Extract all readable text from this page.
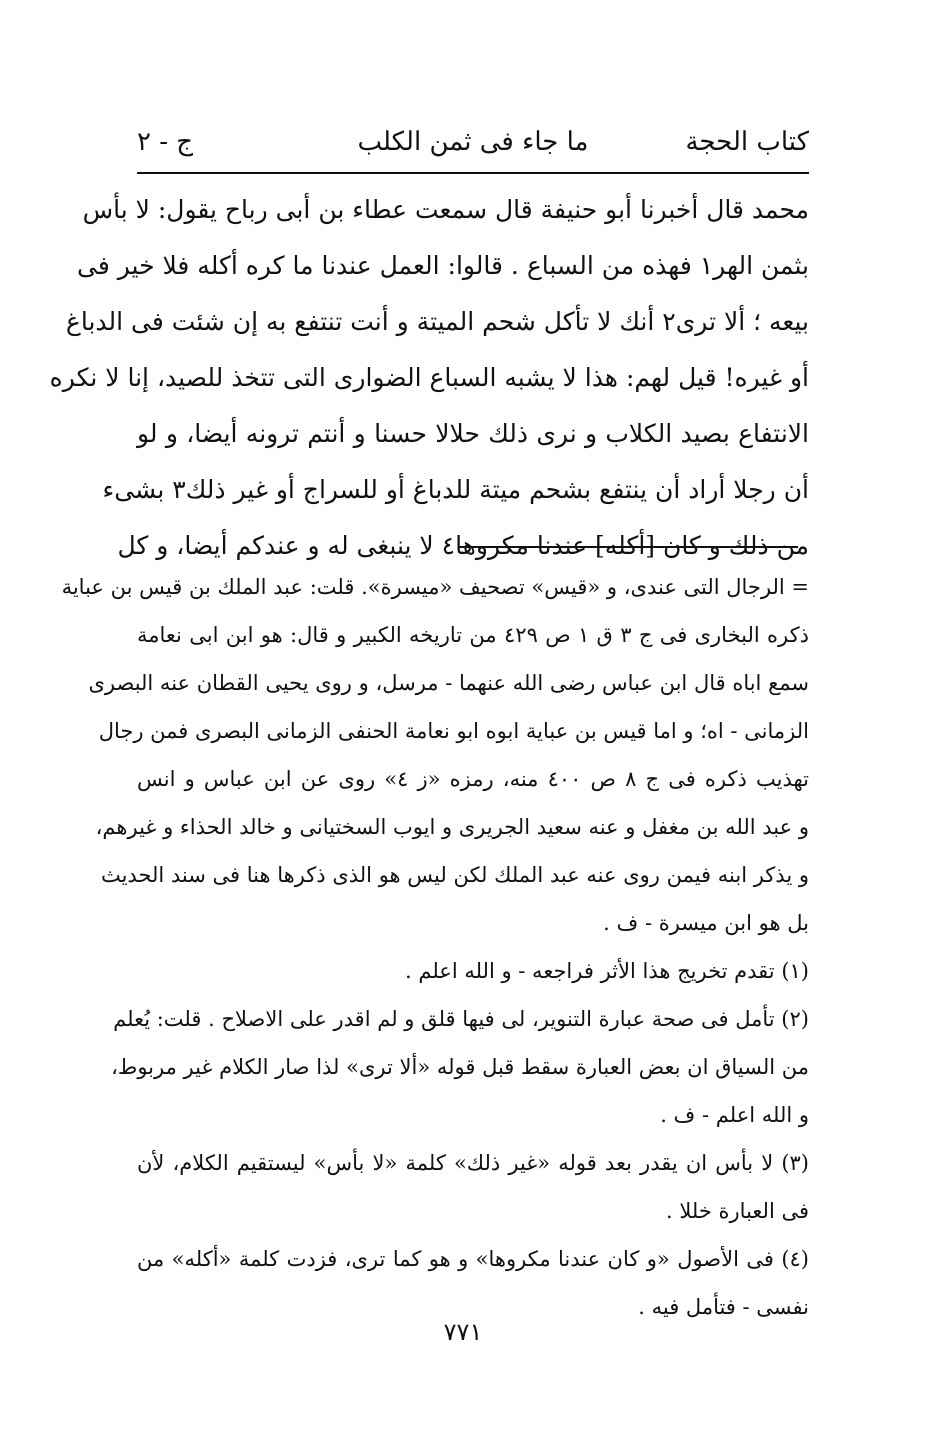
كتاب الحجة
ما جاء فى ثمن الكلب
ج - ٢
محمد قال أخبرنا أبو حنيفة قال سمعت عطاء بن أبى رباح يقول: لا بأس
بثمن الهر١ فهذه من السباع . قالوا: العمل عندنا ما كره أكله فلا خير فى
بيعه ؛ ألا ترى٢ أنك لا تأكل شحم الميتة و أنت تنتفع به إن شئت فى الدباغ
أو غيره! قيل لهم: هذا لا يشبه السباع الضوارى التى تتخذ للصيد، إنا لا نكره
الانتفاع بصيد الكلاب و نرى ذلك حلالا حسنا و أنتم ترونه أيضا، و لو
أن رجلا أراد أن ينتفع بشحم ميتة للدباغ أو للسراج أو غير ذلك٣ بشىء
من ذلك و كان [أكله] عندنا مكروها٤ لا ينبغى له و عندكم أيضا، و كل
= الرجال التى عندى، و «قيس» تصحيف «ميسرة». قلت: عبد الملك بن قيس بن عباية
ذكره البخارى فى ج ٣ ق ١ ص ٤٢٩ من تاريخه الكبير و قال: هو ابن ابى نعامة
سمع اباه قال ابن عباس رضى الله عنهما - مرسل، و روى يحيى القطان عنه البصرى
الزمانى - اه؛ و اما قيس بن عباية ابوه ابو نعامة الحنفى الزمانى البصرى فمن رجال
تهذيب ذكره فى ج ٨ ص ٤٠٠ منه، رمزه «ز ٤» روى عن ابن عباس و انس
و عبد الله بن مغفل و عنه سعيد الجريرى و ايوب السختيانى و خالد الحذاء و غيرهم،
و يذكر ابنه فيمن روى عنه عبد الملك لكن ليس هو الذى ذكرها هنا فى سند الحديث
بل هو ابن ميسرة - ف .
(١) تقدم تخريج هذا الأثر فراجعه - و الله اعلم .
(٢) تأمل فى صحة عبارة التنوير، لى فيها قلق و لم اقدر على الاصلاح . قلت: يُعلم
من السياق ان بعض العبارة سقط قبل قوله «ألا ترى» لذا صار الكلام غير مربوط،
و الله اعلم - ف .
(٣) لا بأس ان يقدر بعد قوله «غير ذلك» كلمة «لا بأس» ليستقيم الكلام، لأن
فى العبارة خللا .
(٤) فى الأصول «و كان عندنا مكروها» و هو كما ترى، فزدت كلمة «أكله» من
نفسى - فتأمل فيه .
٧٧١
